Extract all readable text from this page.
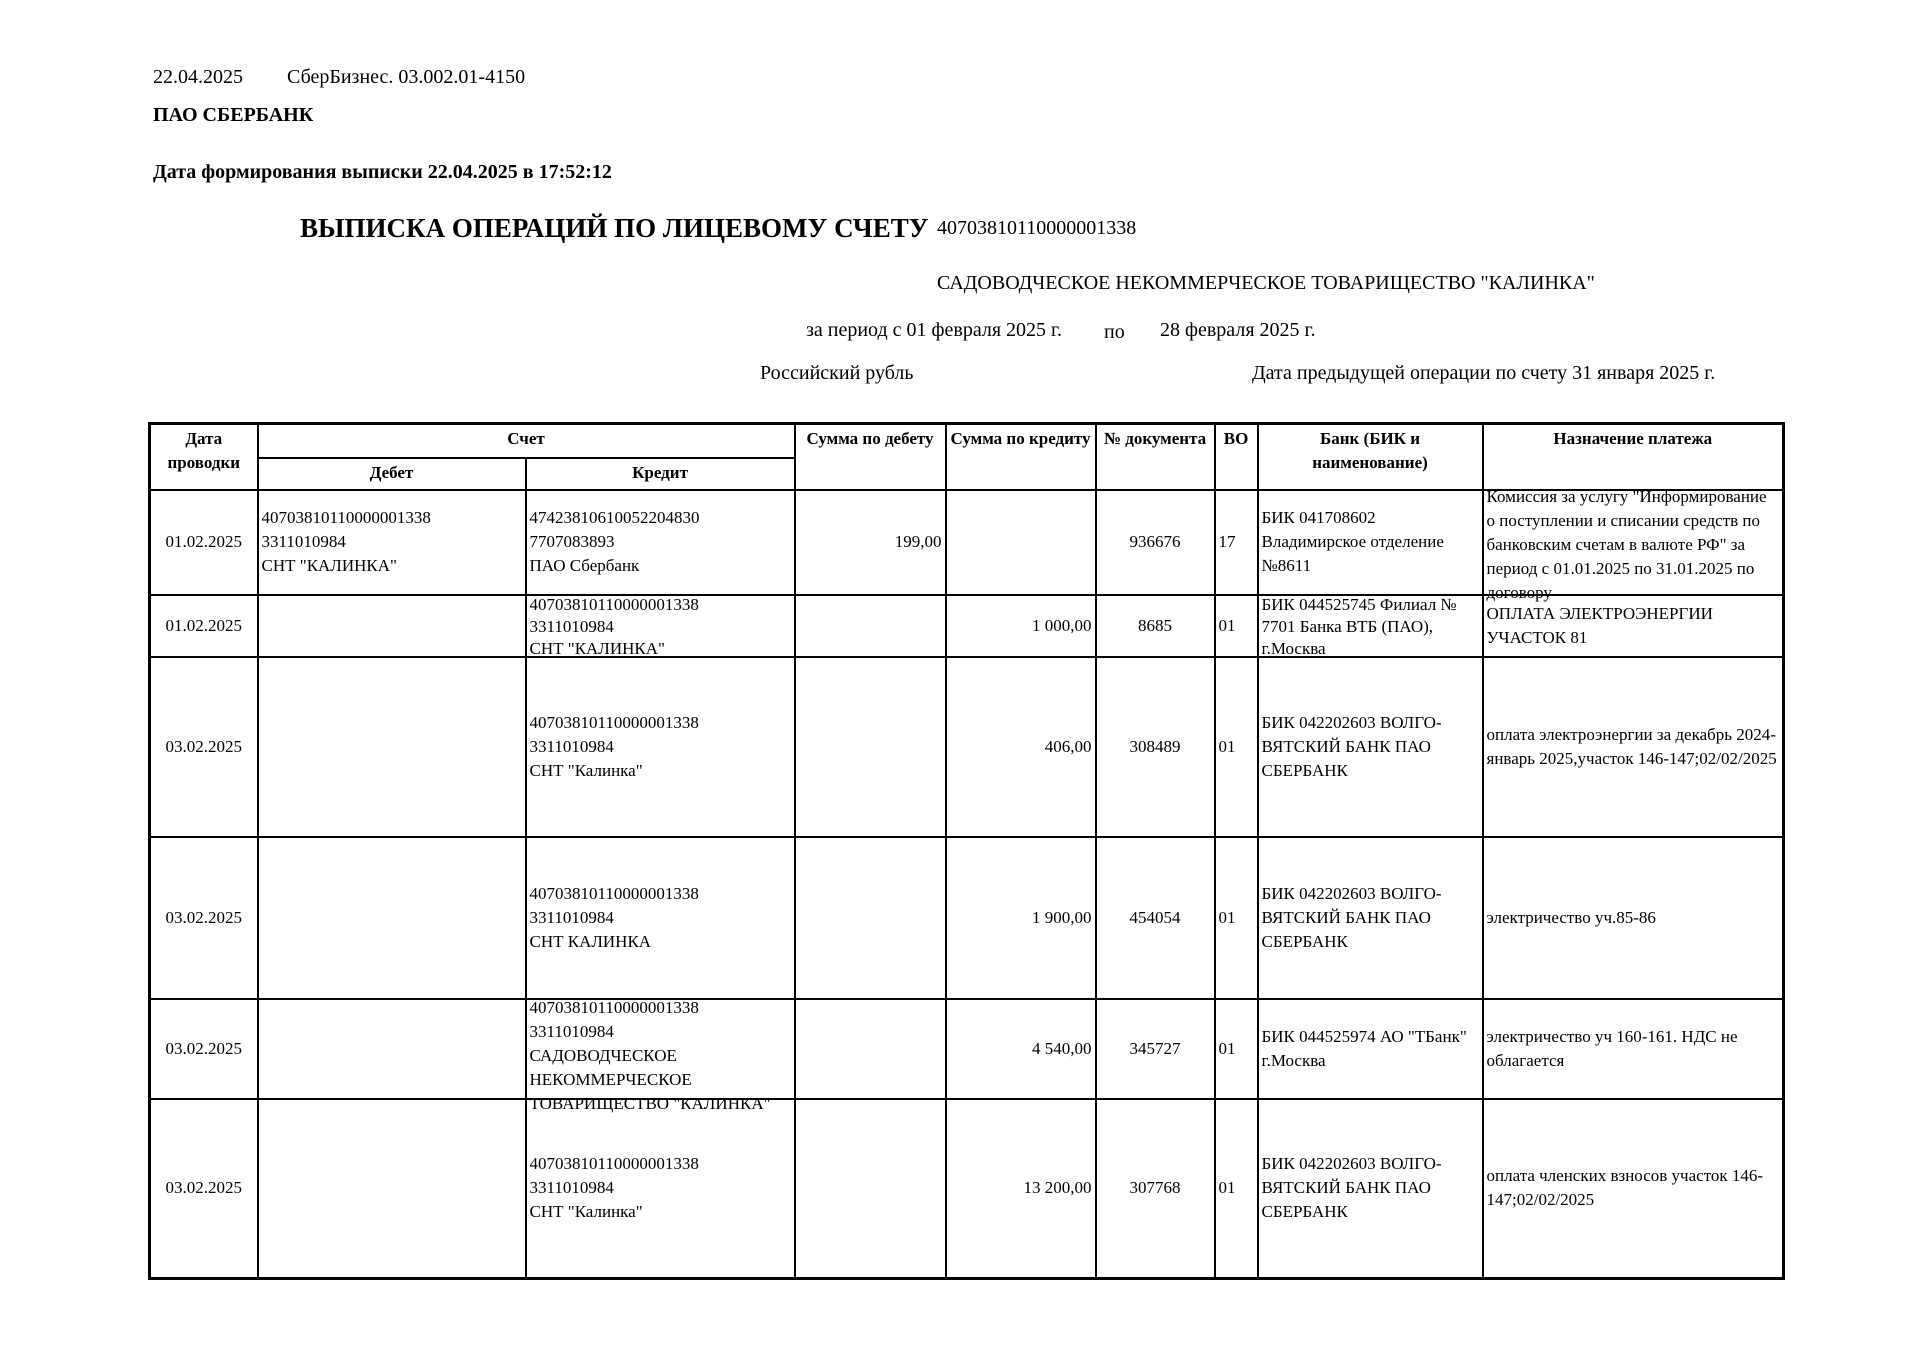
22.04.2025 СберБизнес. 03.002.01-4150
ПАО СБЕРБАНК
Дата формирования выписки 22.04.2025 в 17:52:12
ВЫПИСКА ОПЕРАЦИЙ ПО ЛИЦЕВОМУ СЧЕТУ 40703810110000001338
САДОВОДЧЕСКОЕ НЕКОММЕРЧЕСКОЕ ТОВАРИЩЕСТВО "КАЛИНКА"
за период с 01 февраля 2025 г. по 28 февраля 2025 г.
Российский рубль	Дата предыдущей операции по счету 31 января 2025 г.
Дата проводки	Счет		Сумма по дебету	Сумма по кредиту	№ документа	ВО	Банк (БИК и наименование)	Назначение платежа
	Дебет	Кредит						
01.02.2025	40703810110000001338
3311010984
СНТ "КАЛИНКА"	47423810610052204830
7707083893
ПАО Сбербанк	199,00		936676	17	БИК 041708602
Владимирское отделение
№8611	Комиссия за услугу "Информирование о поступлении и списании средств по банковским счетам в валюте РФ" за период с 01.01.2025 по 31.01.2025 по договору

01.02.2025		40703810110000001338
3311010984
СНТ "КАЛИНКА"		1 000,00	8685	01	БИК 044525745 Филиал №
7701 Банка ВТБ (ПАО),
г.Москва	ОПЛАТА ЭЛЕКТРОЭНЕРГИИ
УЧАСТОК 81
03.02.2025		40703810110000001338
3311010984
СНТ "Калинка"		406,00	308489	01	БИК 042202603 ВОЛГО-
ВЯТСКИЙ БАНК ПАО
СБЕРБАНК	оплата электроэнергии за декабрь 2024-январь 2025,участок 146-147;02/02/2025
03.02.2025		40703810110000001338
3311010984
СНТ КАЛИНКА		1 900,00	454054	01	БИК 042202603 ВОЛГО-
ВЯТСКИЙ БАНК ПАО
СБЕРБАНК	электричество уч.85-86
03.02.2025		40703810110000001338
3311010984
САДОВОДЧЕСКОЕ
НЕКОММЕРЧЕСКОЕ
ТОВАРИЩЕСТВО "КАЛИНКА"		4 540,00	345727	01	БИК 044525974 АО "ТБанк"
г.Москва	электричество уч 160-161. НДС не облагается
03.02.2025		40703810110000001338
3311010984
СНТ "Калинка"		13 200,00	307768	01	БИК 042202603 ВОЛГО-
ВЯТСКИЙ БАНК ПАО
СБЕРБАНК	оплата членских взносов участок 146-147;02/02/2025
